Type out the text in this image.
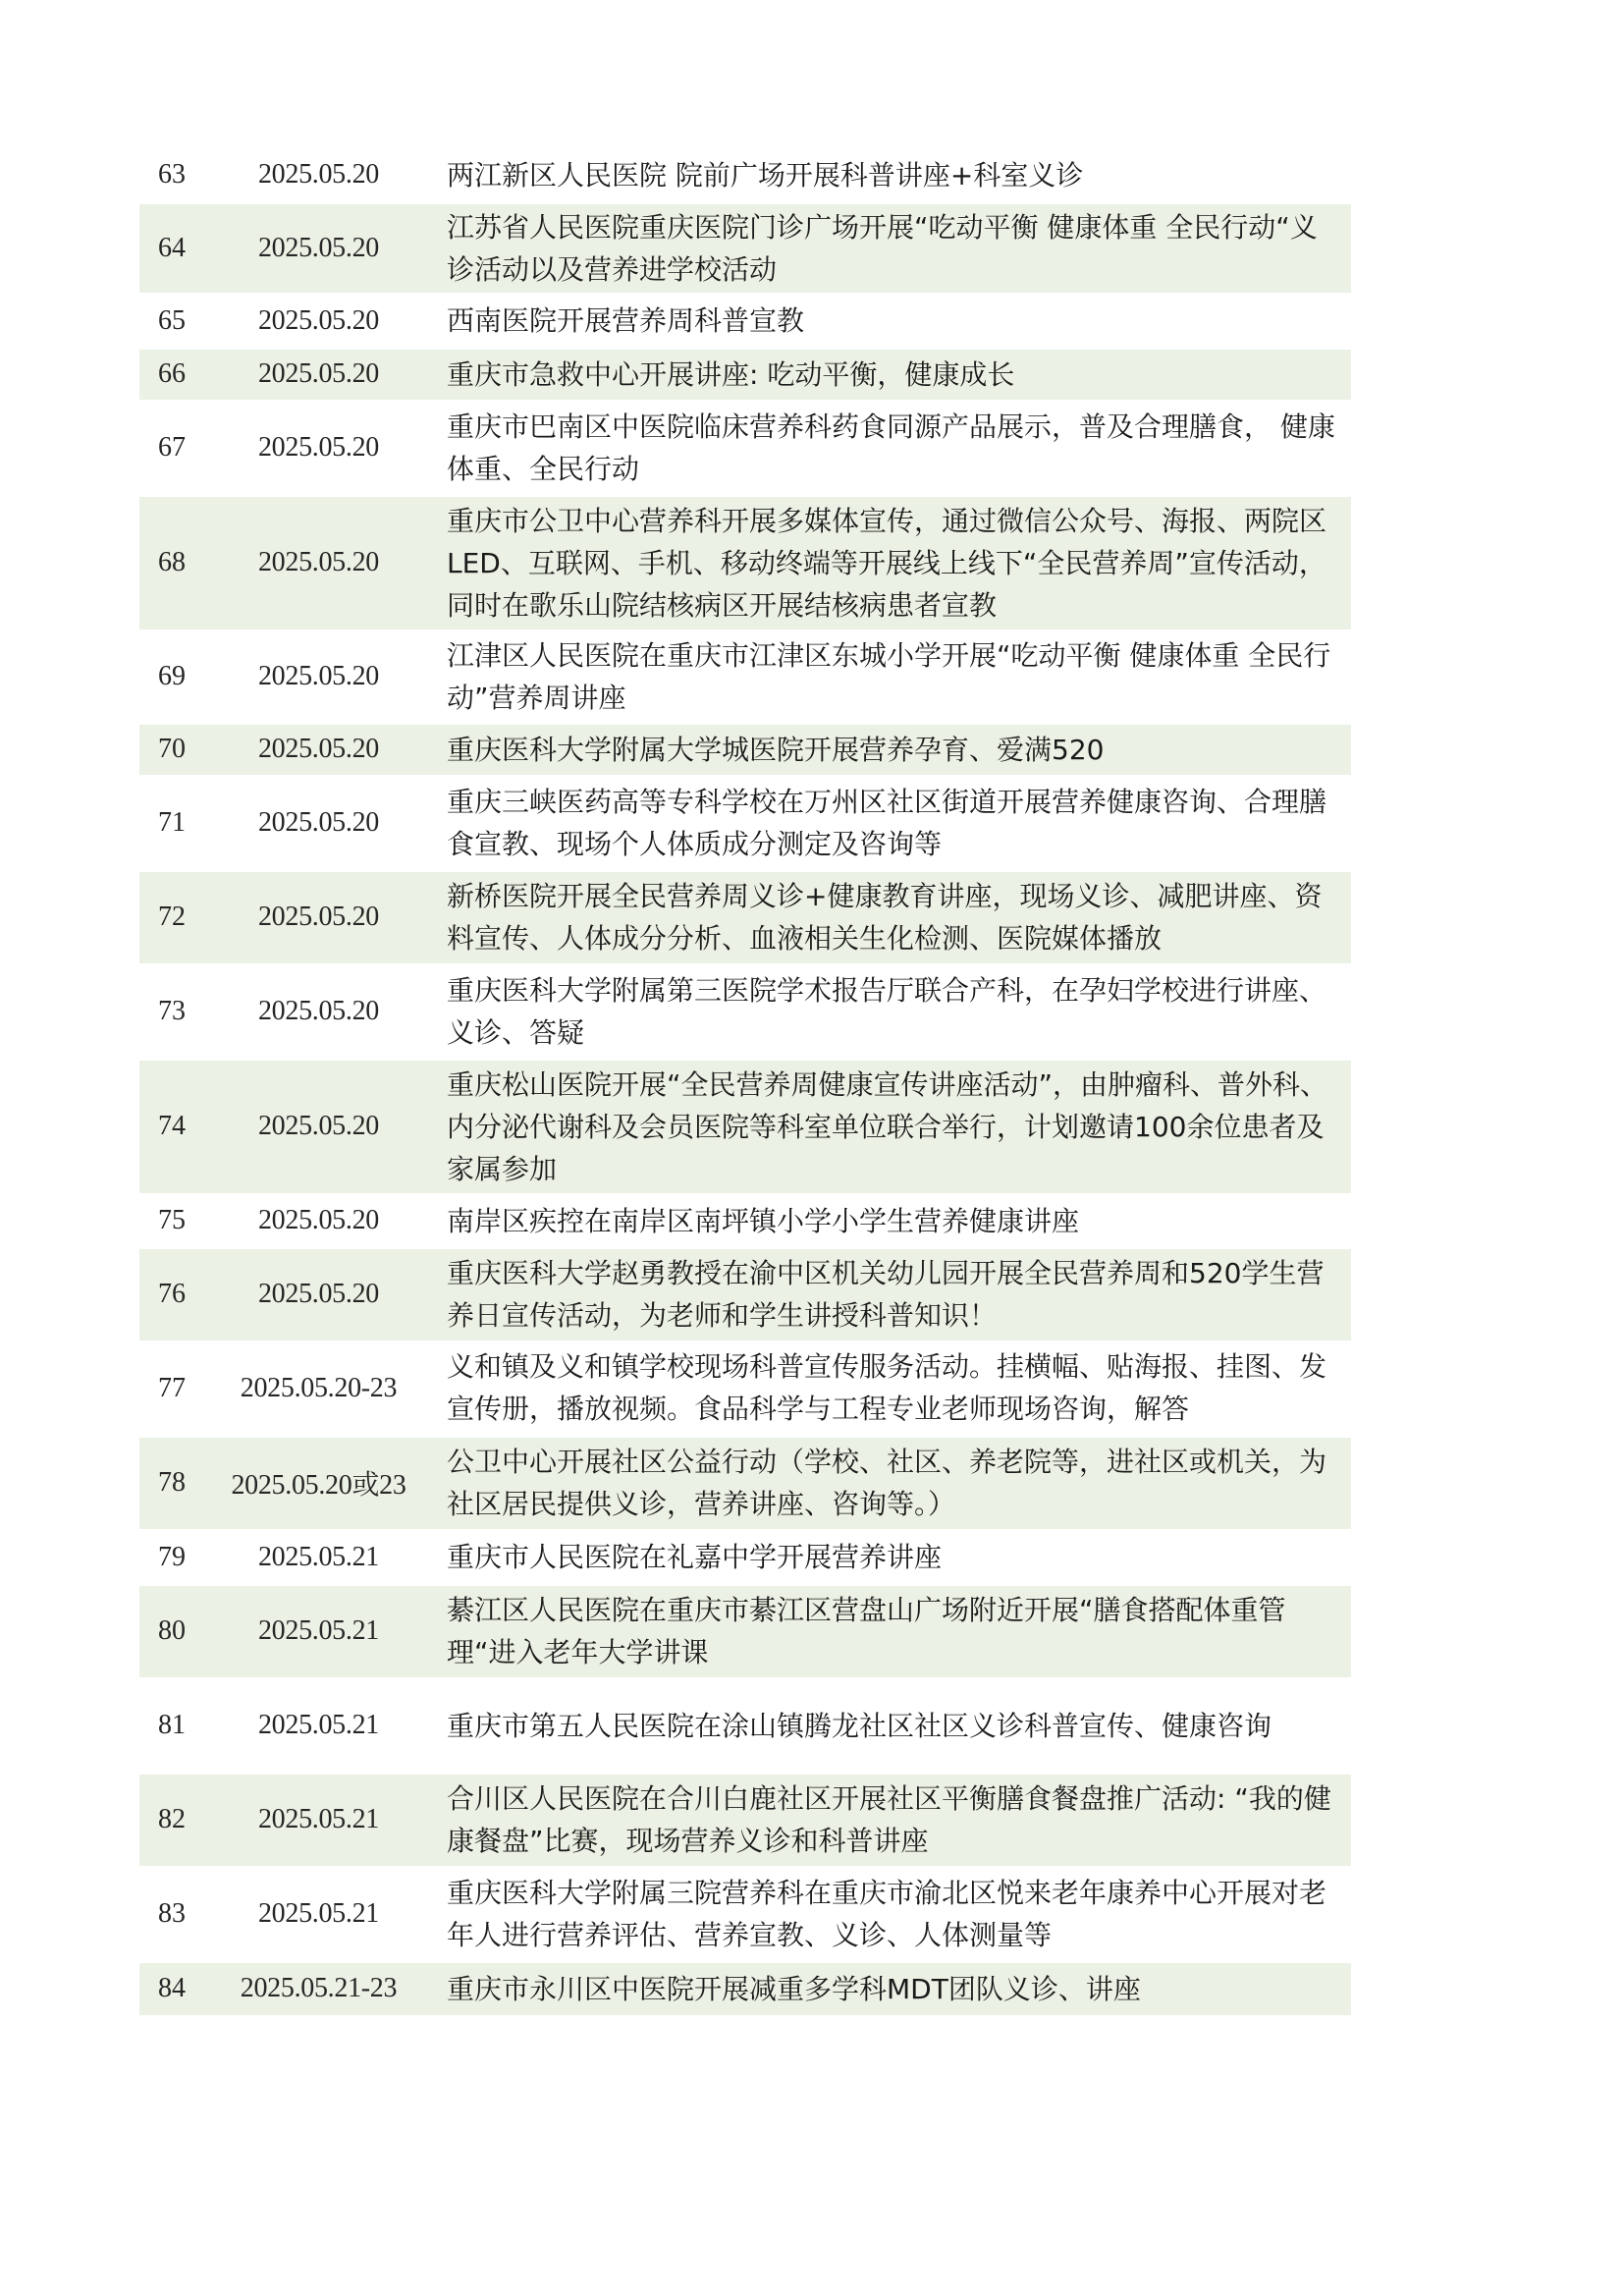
63	2025.05.20	两江新区人民医院 院前广场开展科普讲座+科室义诊
64	2025.05.20	江苏省人民医院重庆医院门诊广场开展“吃动平衡 健康体重 全民行动“义诊活动以及营养进学校活动
65	2025.05.20	西南医院开展营养周科普宣教
66	2025.05.20	重庆市急救中心开展讲座: 吃动平衡，健康成长
67	2025.05.20	重庆市巴南区中医院临床营养科药食同源产品展示，普及合理膳食， 健康体重、全民行动
68	2025.05.20	重庆市公卫中心营养科开展多媒体宣传，通过微信公众号、海报、两院区LED、互联网、手机、移动终端等开展线上线下“全民营养周”宣传活动，同时在歌乐山院结核病区开展结核病患者宣教
69	2025.05.20	江津区人民医院在重庆市江津区东城小学开展“吃动平衡 健康体重 全民行动”营养周讲座
70	2025.05.20	重庆医科大学附属大学城医院开展营养孕育、爱满520
71	2025.05.20	重庆三峡医药高等专科学校在万州区社区街道开展营养健康咨询、合理膳食宣教、现场个人体质成分测定及咨询等
72	2025.05.20	新桥医院开展全民营养周义诊+健康教育讲座，现场义诊、减肥讲座、资料宣传、人体成分分析、血液相关生化检测、医院媒体播放
73	2025.05.20	重庆医科大学附属第三医院学术报告厅联合产科，在孕妇学校进行讲座、义诊、答疑
74	2025.05.20	重庆松山医院开展“全民营养周健康宣传讲座活动”，由肿瘤科、普外科、内分泌代谢科及会员医院等科室单位联合举行，计划邀请100余位患者及家属参加
75	2025.05.20	南岸区疾控在南岸区南坪镇小学小学生营养健康讲座
76	2025.05.20	重庆医科大学赵勇教授在渝中区机关幼儿园开展全民营养周和520学生营养日宣传活动，为老师和学生讲授科普知识！
77	2025.05.20-23	义和镇及义和镇学校现场科普宣传服务活动。挂横幅、贴海报、挂图、发宣传册，播放视频。食品科学与工程专业老师现场咨询，解答

78	2025.05.20或23	公卫中心开展社区公益行动（学校、社区、养老院等，进社区或机关，为社区居民提供义诊，营养讲座、咨询等。）
79	2025.05.21	重庆市人民医院在礼嘉中学开展营养讲座
80	2025.05.21	綦江区人民医院在重庆市綦江区营盘山广场附近开展“膳食搭配体重管理“进入老年大学讲课
81	2025.05.21	重庆市第五人民医院在涂山镇腾龙社区社区义诊科普宣传、健康咨询
82	2025.05.21	合川区人民医院在合川白鹿社区开展社区平衡膳食餐盘推广活动: “我的健康餐盘”比赛，现场营养义诊和科普讲座
83	2025.05.21	重庆医科大学附属三院营养科在重庆市渝北区悦来老年康养中心开展对老年人进行营养评估、营养宣教、义诊、人体测量等
84	2025.05.21-23	重庆市永川区中医院开展减重多学科MDT团队义诊、讲座
